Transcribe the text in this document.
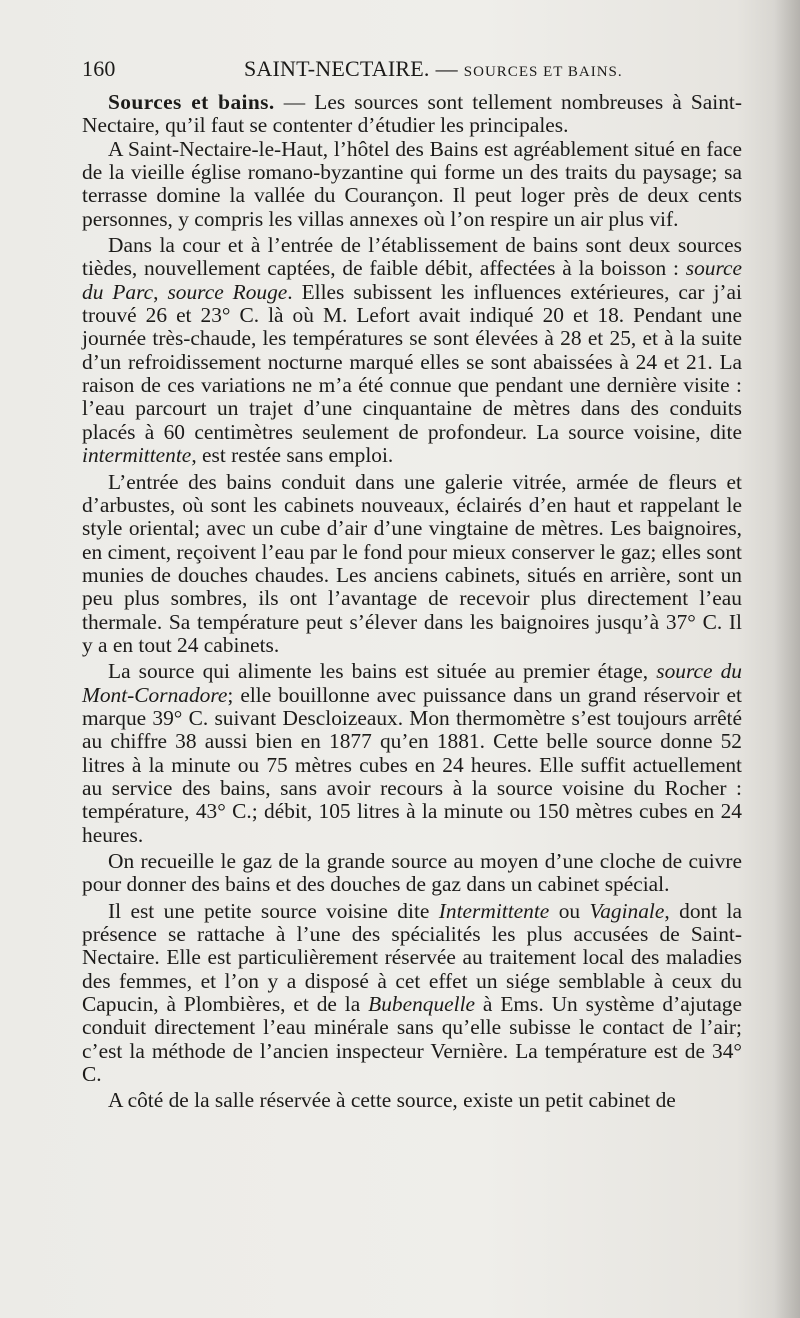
160	SAINT-NECTAIRE. — SOURCES ET BAINS.

Sources et bains. — Les sources sont tellement nombreuses à Saint-Nectaire, qu’il faut se contenter d’étudier les principales.

A Saint-Nectaire-le-Haut, l’hôtel des Bains est agréablement situé en face de la vieille église romano-byzantine qui forme un des traits du paysage; sa terrasse domine la vallée du Courançon. Il peut loger près de deux cents personnes, y compris les villas annexes où l’on respire un air plus vif.

Dans la cour et à l’entrée de l’établissement de bains sont deux sources tièdes, nouvellement captées, de faible débit, affectées à la boisson : source du Parc, source Rouge. Elles subissent les influences extérieures, car j’ai trouvé 26 et 23° C. là où M. Lefort avait indiqué 20 et 18. Pendant une journée très-chaude, les températures se sont élevées à 28 et 25, et à la suite d’un refroidissement nocturne marqué elles se sont abaissées à 24 et 21. La raison de ces variations ne m’a été connue que pendant une dernière visite : l’eau parcourt un trajet d’une cinquantaine de mètres dans des conduits placés à 60 centimètres seulement de profondeur. La source voisine, dite intermittente, est restée sans emploi.

L’entrée des bains conduit dans une galerie vitrée, armée de fleurs et d’arbustes, où sont les cabinets nouveaux, éclairés d’en haut et rappelant le style oriental; avec un cube d’air d’une vingtaine de mètres. Les baignoires, en ciment, reçoivent l’eau par le fond pour mieux conserver le gaz; elles sont munies de douches chaudes. Les anciens cabinets, situés en arrière, sont un peu plus sombres, ils ont l’avantage de recevoir plus directement l’eau thermale. Sa température peut s’élever dans les baignoires jusqu’à 37° C. Il y a en tout 24 cabinets.

La source qui alimente les bains est située au premier étage, source du Mont-Cornadore; elle bouillonne avec puissance dans un grand réservoir et marque 39° C. suivant Descloizeaux. Mon thermomètre s’est toujours arrêté au chiffre 38 aussi bien en 1877 qu’en 1881. Cette belle source donne 52 litres à la minute ou 75 mètres cubes en 24 heures. Elle suffit actuellement au service des bains, sans avoir recours à la source voisine du Rocher : température, 43° C.; débit, 105 litres à la minute ou 150 mètres cubes en 24 heures.

On recueille le gaz de la grande source au moyen d’une cloche de cuivre pour donner des bains et des douches de gaz dans un cabinet spécial.

Il est une petite source voisine dite Intermittente ou Vaginale, dont la présence se rattache à l’une des spécialités les plus accusées de Saint-Nectaire. Elle est particulièrement réservée au traitement local des maladies des femmes, et l’on y a disposé à cet effet un siége semblable à ceux du Capucin, à Plombières, et de la Bubenquelle à Ems. Un système d’ajutage conduit directement l’eau minérale sans qu’elle subisse le contact de l’air; c’est la méthode de l’ancien inspecteur Vernière. La température est de 34° C.

A côté de la salle réservée à cette source, existe un petit cabinet de
